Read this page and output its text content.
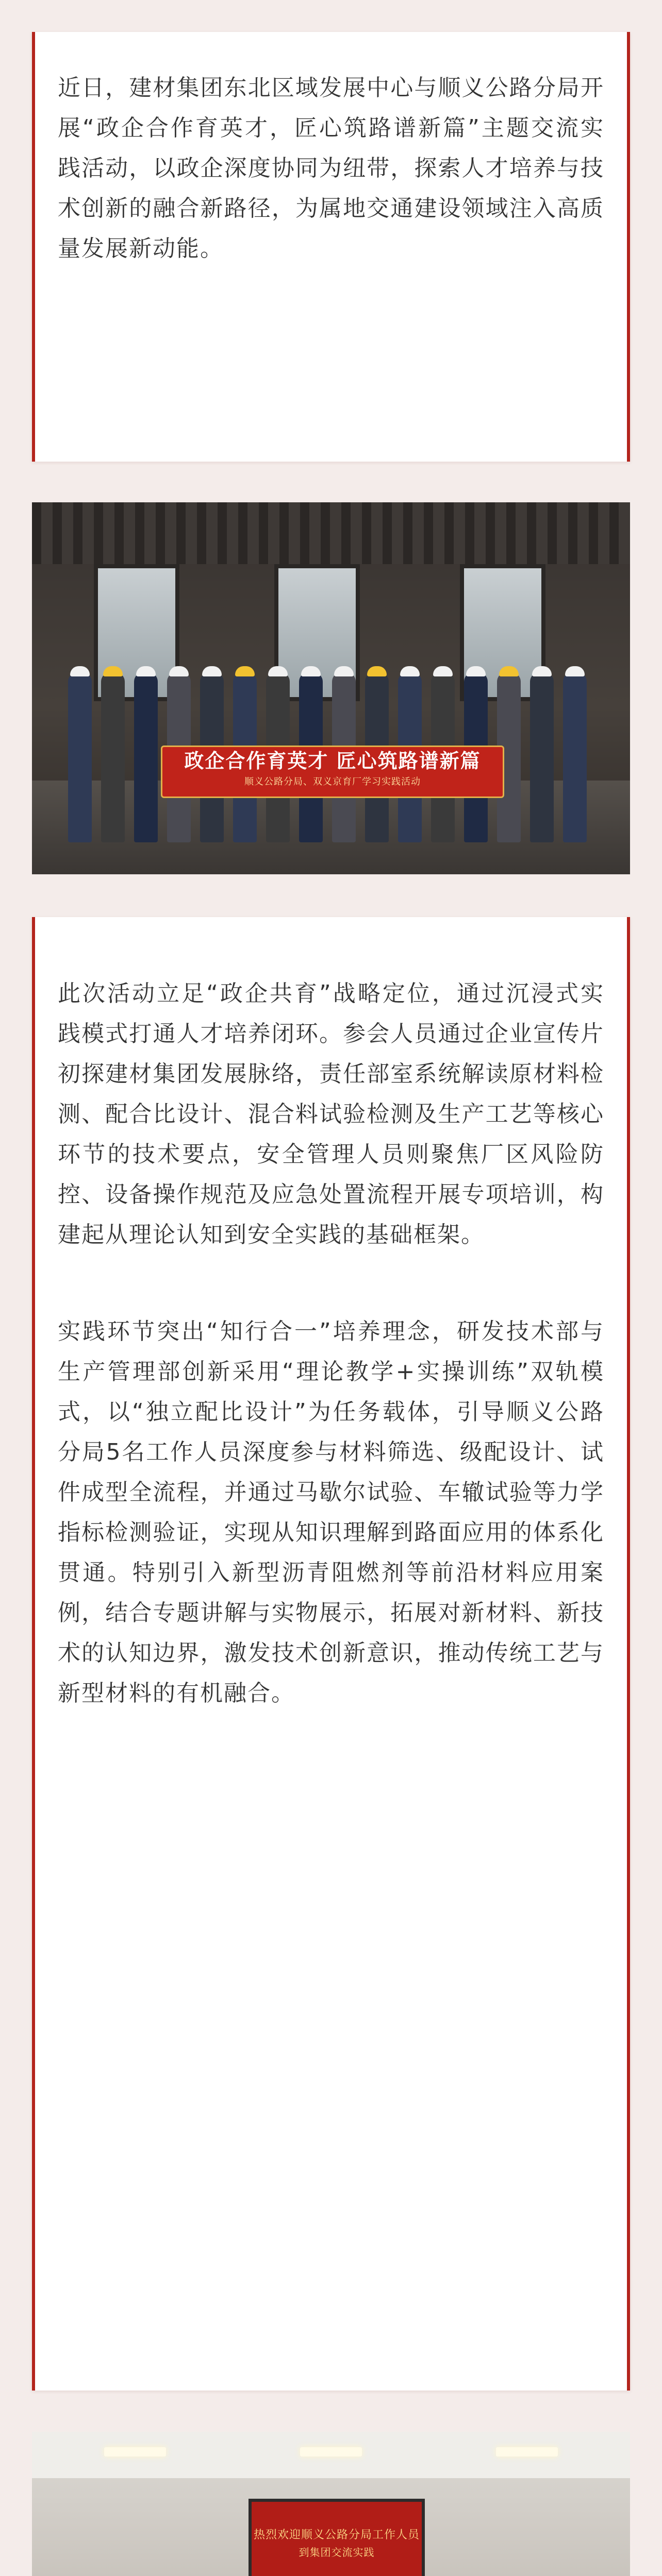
近日，建材集团东北区域发展中心与顺义公路分局开展“政企合作育英才，匠心筑路谱新篇”主题交流实践活动，以政企深度协同为纽带，探索人才培养与技术创新的融合新路径，为属地交通建设领域注入高质量发展新动能。

政企合作育英才 匠心筑路谱新篇
顺义公路分局、双义京育厂学习实践活动

此次活动立足“政企共育”战略定位，通过沉浸式实践模式打通人才培养闭环。参会人员通过企业宣传片初探建材集团发展脉络，责任部室系统解读原材料检测、配合比设计、混合料试验检测及生产工艺等核心环节的技术要点，安全管理人员则聚焦厂区风险防控、设备操作规范及应急处置流程开展专项培训，构建起从理论认知到安全实践的基础框架。

实践环节突出“知行合一”培养理念，研发技术部与生产管理部创新采用“理论教学+实操训练”双轨模式，以“独立配比设计”为任务载体，引导顺义公路分局5名工作人员深度参与材料筛选、级配设计、试件成型全流程，并通过马歇尔试验、车辙试验等力学指标检测验证，实现从知识理解到路面应用的体系化贯通。特别引入新型沥青阻燃剂等前沿材料应用案例，结合专题讲解与实物展示，拓展对新材料、新技术的认知边界，激发技术创新意识，推动传统工艺与新型材料的有机融合。

热烈欢迎顺义公路分局工作人员
到集团交流实践
